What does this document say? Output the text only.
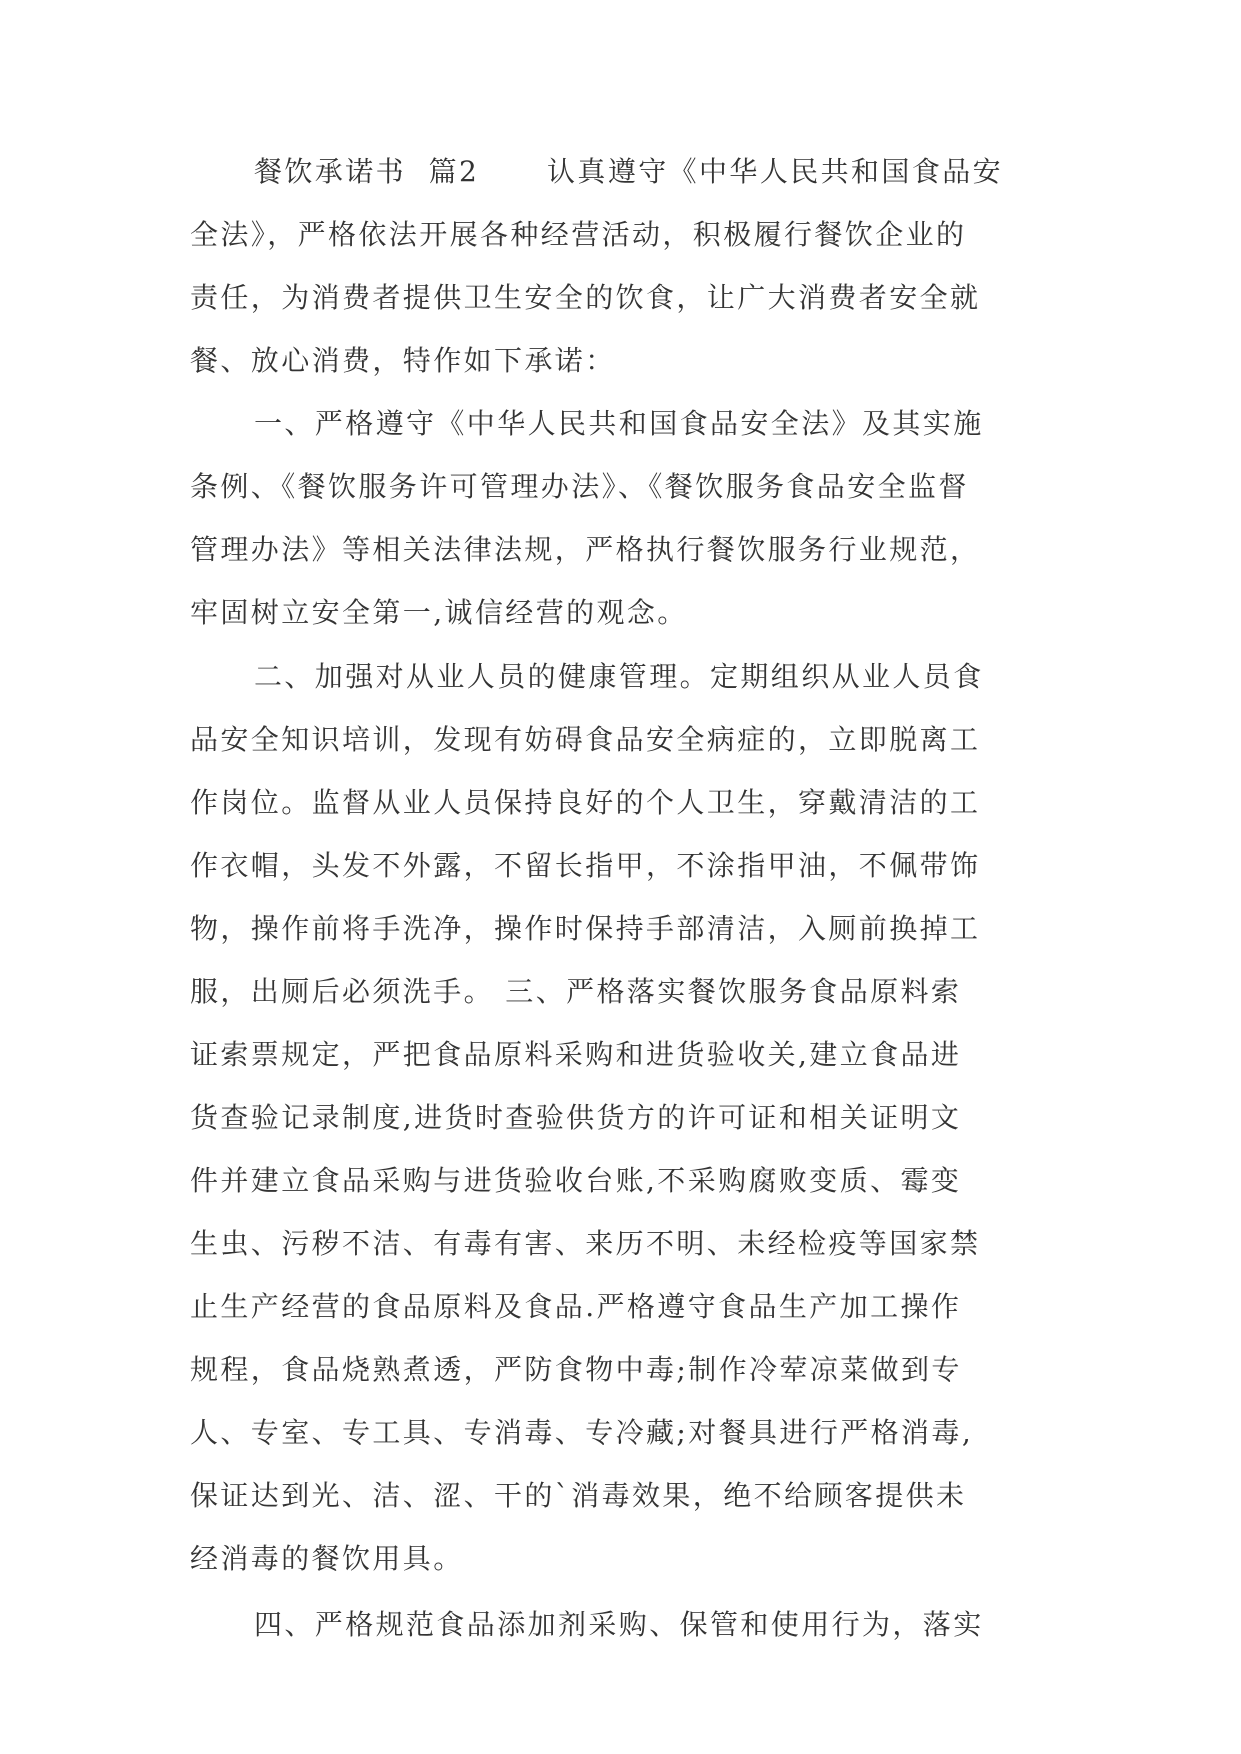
餐饮承诺书  篇2      认真遵守《中华人民共和国食品安
全法》，严格依法开展各种经营活动，积极履行餐饮企业的
责任，为消费者提供卫生安全的饮食，让广大消费者安全就
餐、放心消费，特作如下承诺：
一、严格遵守《中华人民共和国食品安全法》及其实施
条例、《餐饮服务许可管理办法》、《餐饮服务食品安全监督
管理办法》等相关法律法规，严格执行餐饮服务行业规范，
牢固树立安全第一,诚信经营的观念。
二、加强对从业人员的健康管理。定期组织从业人员食
品安全知识培训，发现有妨碍食品安全病症的，立即脱离工
作岗位。监督从业人员保持良好的个人卫生，穿戴清洁的工
作衣帽，头发不外露，不留长指甲，不涂指甲油，不佩带饰
物，操作前将手洗净，操作时保持手部清洁，入厕前换掉工
服，出厕后必须洗手。 三、严格落实餐饮服务食品原料索
证索票规定，严把食品原料采购和进货验收关,建立食品进
货查验记录制度,进货时查验供货方的许可证和相关证明文
件并建立食品采购与进货验收台账,不采购腐败变质、霉变
生虫、污秽不洁、有毒有害、来历不明、未经检疫等国家禁
止生产经营的食品原料及食品.严格遵守食品生产加工操作
规程，食品烧熟煮透，严防食物中毒;制作冷荤凉菜做到专
人、专室、专工具、专消毒、专冷藏;对餐具进行严格消毒,
保证达到光、洁、涩、干的`消毒效果，绝不给顾客提供未
经消毒的餐饮用具。
四、严格规范食品添加剂采购、保管和使用行为，落实
